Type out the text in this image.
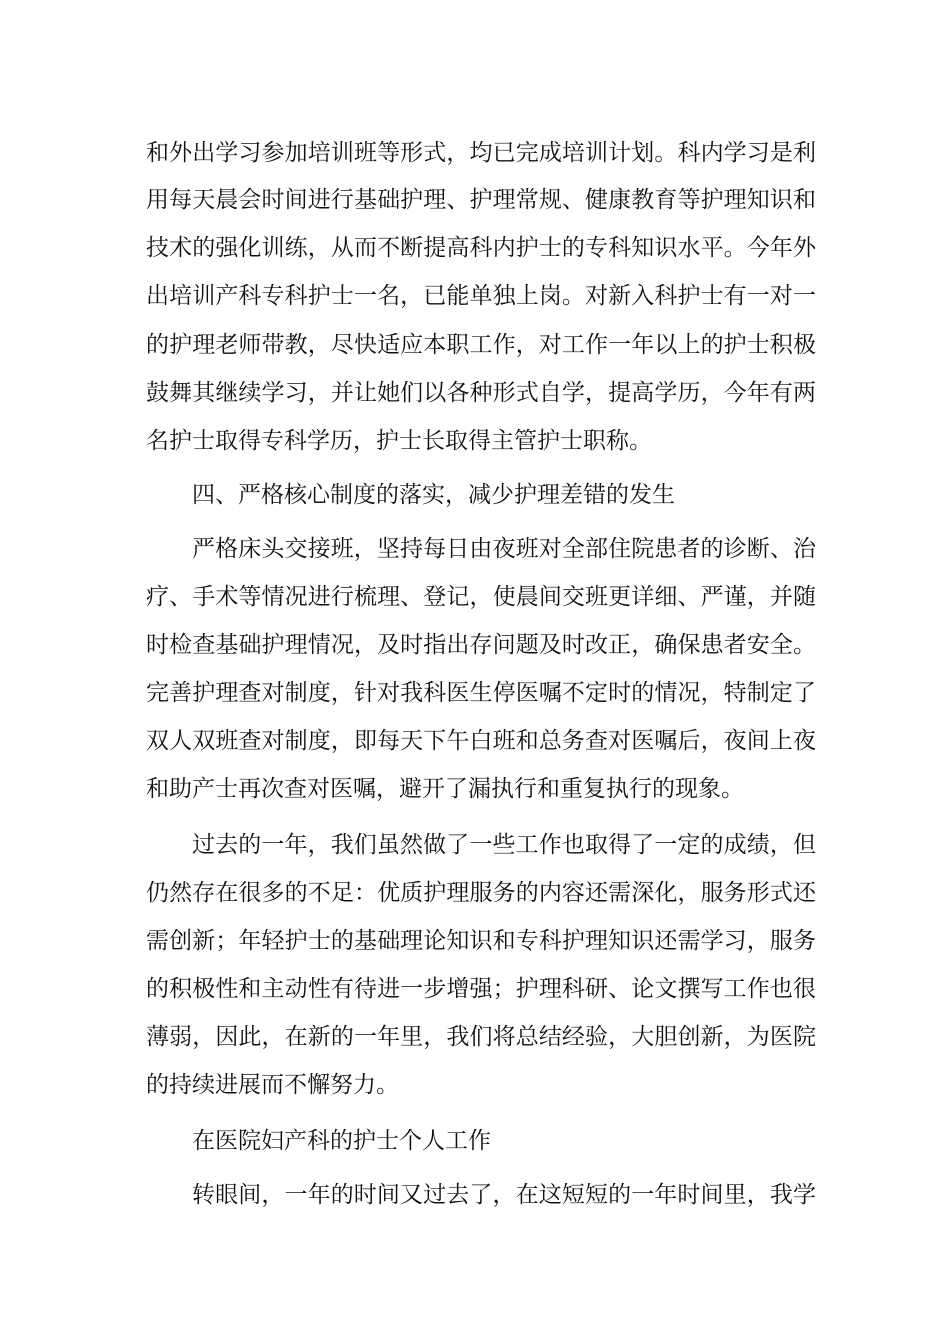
和外出学习参加培训班等形式，均已完成培训计划。科内学习是利
用每天晨会时间进行基础护理、护理常规、健康教育等护理知识和
技术的强化训练，从而不断提高科内护士的专科知识水平。今年外
出培训产科专科护士一名，已能单独上岗。对新入科护士有一对一
的护理老师带教，尽快适应本职工作，对工作一年以上的护士积极
鼓舞其继续学习，并让她们以各种形式自学，提高学历，今年有两
名护士取得专科学历，护士长取得主管护士职称。
四、严格核心制度的落实，减少护理差错的发生
严格床头交接班，坚持每日由夜班对全部住院患者的诊断、治
疗、手术等情况进行梳理、登记，使晨间交班更详细、严谨，并随
时检查基础护理情况，及时指出存问题及时改正，确保患者安全。
完善护理查对制度，针对我科医生停医嘱不定时的情况，特制定了
双人双班查对制度，即每天下午白班和总务查对医嘱后，夜间上夜
和助产士再次查对医嘱，避开了漏执行和重复执行的现象。
过去的一年，我们虽然做了一些工作也取得了一定的成绩，但
仍然存在很多的不足：优质护理服务的内容还需深化，服务形式还
需创新；年轻护士的基础理论知识和专科护理知识还需学习，服务
的积极性和主动性有待进一步增强；护理科研、论文撰写工作也很
薄弱，因此，在新的一年里，我们将总结经验，大胆创新，为医院
的持续进展而不懈努力。
在医院妇产科的护士个人工作
转眼间，一年的时间又过去了，在这短短的一年时间里，我学
